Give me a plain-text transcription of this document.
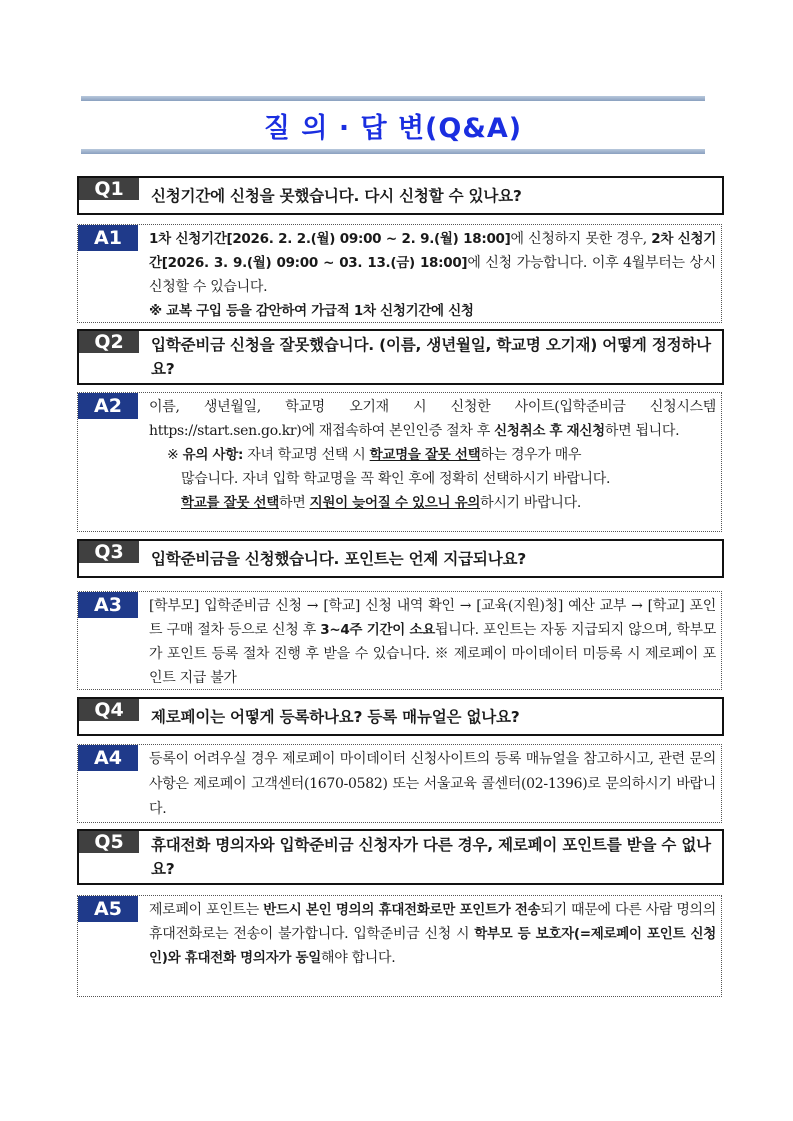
질 의 · 답 변(Q&A)
Q1	신청기간에 신청을 못했습니다. 다시 신청할 수 있나요?
A1	1차 신청기간[2026. 2. 2.(월) 09:00 ~ 2. 9.(월) 18:00]에 신청하지 못한 경우, 2차 신청기간[2026. 3. 9.(월) 09:00 ~ 03. 13.(금) 18:00]에 신청 가능합니다. 이후 4월부터는 상시 신청할 수 있습니다.
※ 교복 구입 등을 감안하여 가급적 1차 신청기간에 신청
Q2	입학준비금 신청을 잘못했습니다. (이름, 생년월일, 학교명 오기재) 어떻게 정정하나요?
A2	이름, 생년월일, 학교명 오기재 시 신청한 사이트(입학준비금 신청시스템 https://start.sen.go.kr)에 재접속하여 본인인증 절차 후 신청취소 후 재신청하면 됩니다.
※ 유의 사항: 자녀 학교명 선택 시 학교명을 잘못 선택하는 경우가 매우
많습니다. 자녀 입학 학교명을 꼭 확인 후에 정확히 선택하시기 바랍니다.
학교를 잘못 선택하면 지원이 늦어질 수 있으니 유의하시기 바랍니다.
Q3	입학준비금을 신청했습니다. 포인트는 언제 지급되나요?
A3	[학부모] 입학준비금 신청 → [학교] 신청 내역 확인 → [교육(지원)청] 예산 교부 → [학교] 포인트 구매 절차 등으로 신청 후 3~4주 기간이 소요됩니다. 포인트는 자동 지급되지 않으며, 학부모가 포인트 등록 절차 진행 후 받을 수 있습니다. ※ 제로페이 마이데이터 미등록 시 제로페이 포인트 지급 불가
Q4	제로페이는 어떻게 등록하나요? 등록 매뉴얼은 없나요?
A4	등록이 어려우실 경우 제로페이 마이데이터 신청사이트의 등록 매뉴얼을 참고하시고, 관련 문의사항은 제로페이 고객센터(1670-0582) 또는 서울교육 콜센터(02-1396)로 문의하시기 바랍니다.
Q5	휴대전화 명의자와 입학준비금 신청자가 다른 경우, 제로페이 포인트를 받을 수 없나요?
A5	제로페이 포인트는 반드시 본인 명의의 휴대전화로만 포인트가 전송되기 때문에 다른 사람 명의의 휴대전화로는 전송이 불가합니다. 입학준비금 신청 시 학부모 등 보호자(=제로페이 포인트 신청인)와 휴대전화 명의자가 동일해야 합니다.
